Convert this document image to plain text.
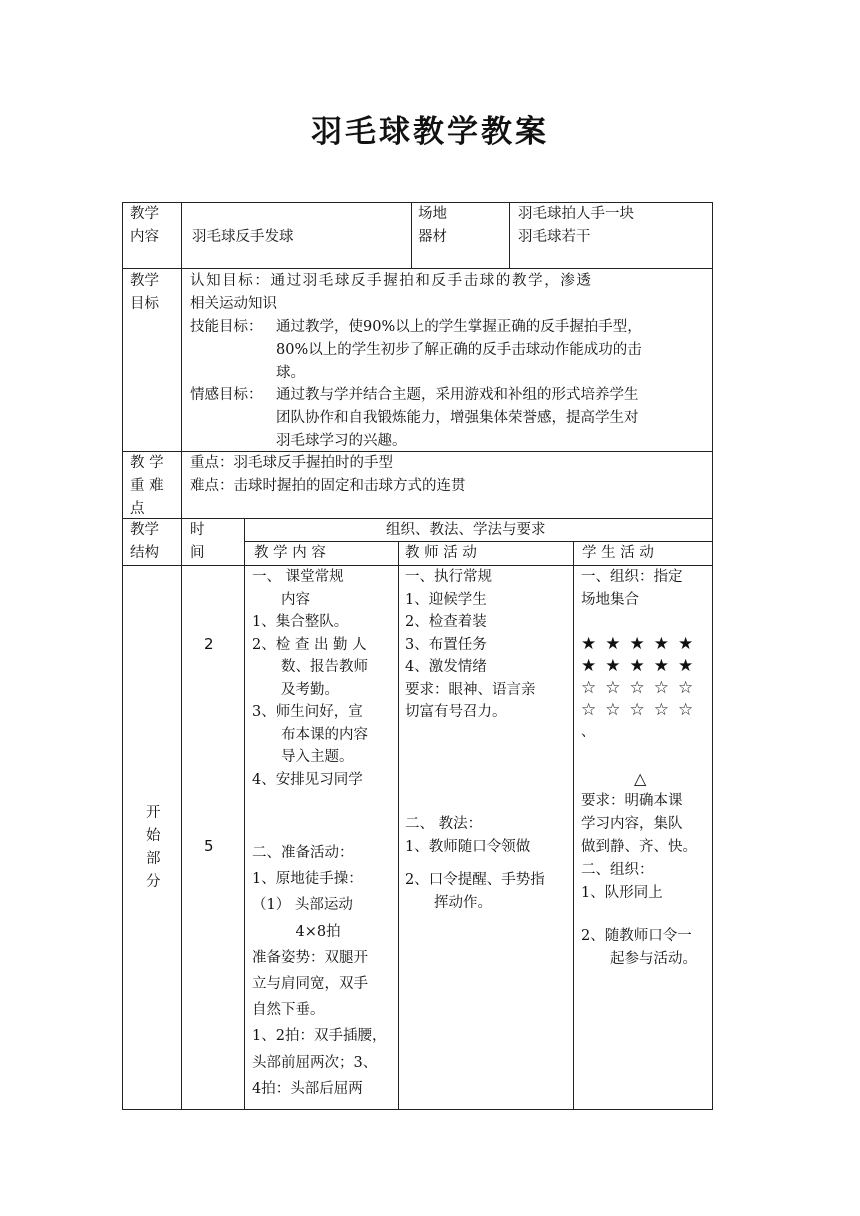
羽毛球教学教案
教学
内容 羽毛球反手发球
场地
器材
羽毛球拍人手一块
羽毛球若干
教学
目标
认知目标：通过羽毛球反手握拍和反手击球的教学，渗透
相关运动知识
技能目标： 通过教学，使90%以上的学生掌握正确的反手握拍手型，
80%以上的学生初步了解正确的反手击球动作能成功的击
球。
情感目标： 通过教与学并结合主题，采用游戏和补组的形式培养学生
团队协作和自我锻炼能力，增强集体荣誉感，提高学生对
羽毛球学习的兴趣。
教 学
重 难
点
重点：羽毛球反手握拍时的手型
难点：击球时握拍的固定和击球方式的连贯
教学
结构
时
间
组织、教法、学法与要求
教 学 内 容	教 师 活 动	学 生 活 动
开
始
部
分
2
5
一、 课堂常规
　　内容
1、集合整队。
2、检 查 出 勤 人
　　数、报告教师
　　及考勤。
3、师生问好，宣
　　布本课的内容
　　导入主题。
4、安排见习同学
二、准备活动：
1、原地徒手操：
（1） 头部运动
　　　4×8拍
准备姿势：双腿开
立与肩同宽，双手
自然下垂。
1、2拍：双手插腰，
头部前屈两次；3、
4拍：头部后屈两
一、执行常规
1、迎候学生
2、检查着装
3、布置任务
4、激发情绪
要求：眼神、语言亲
切富有号召力。
二、 教法：
1、教师随口令领做
2、口令提醒、手势指
　　挥动作。
一、组织：指定
场地集合
★★★★★
★★★★★
☆☆☆☆☆
☆☆☆☆☆
、
△
要求：明确本课
学习内容，集队
做到静、齐、快。
二、组织：
1、队形同上
2、随教师口令一
　　起参与活动。
